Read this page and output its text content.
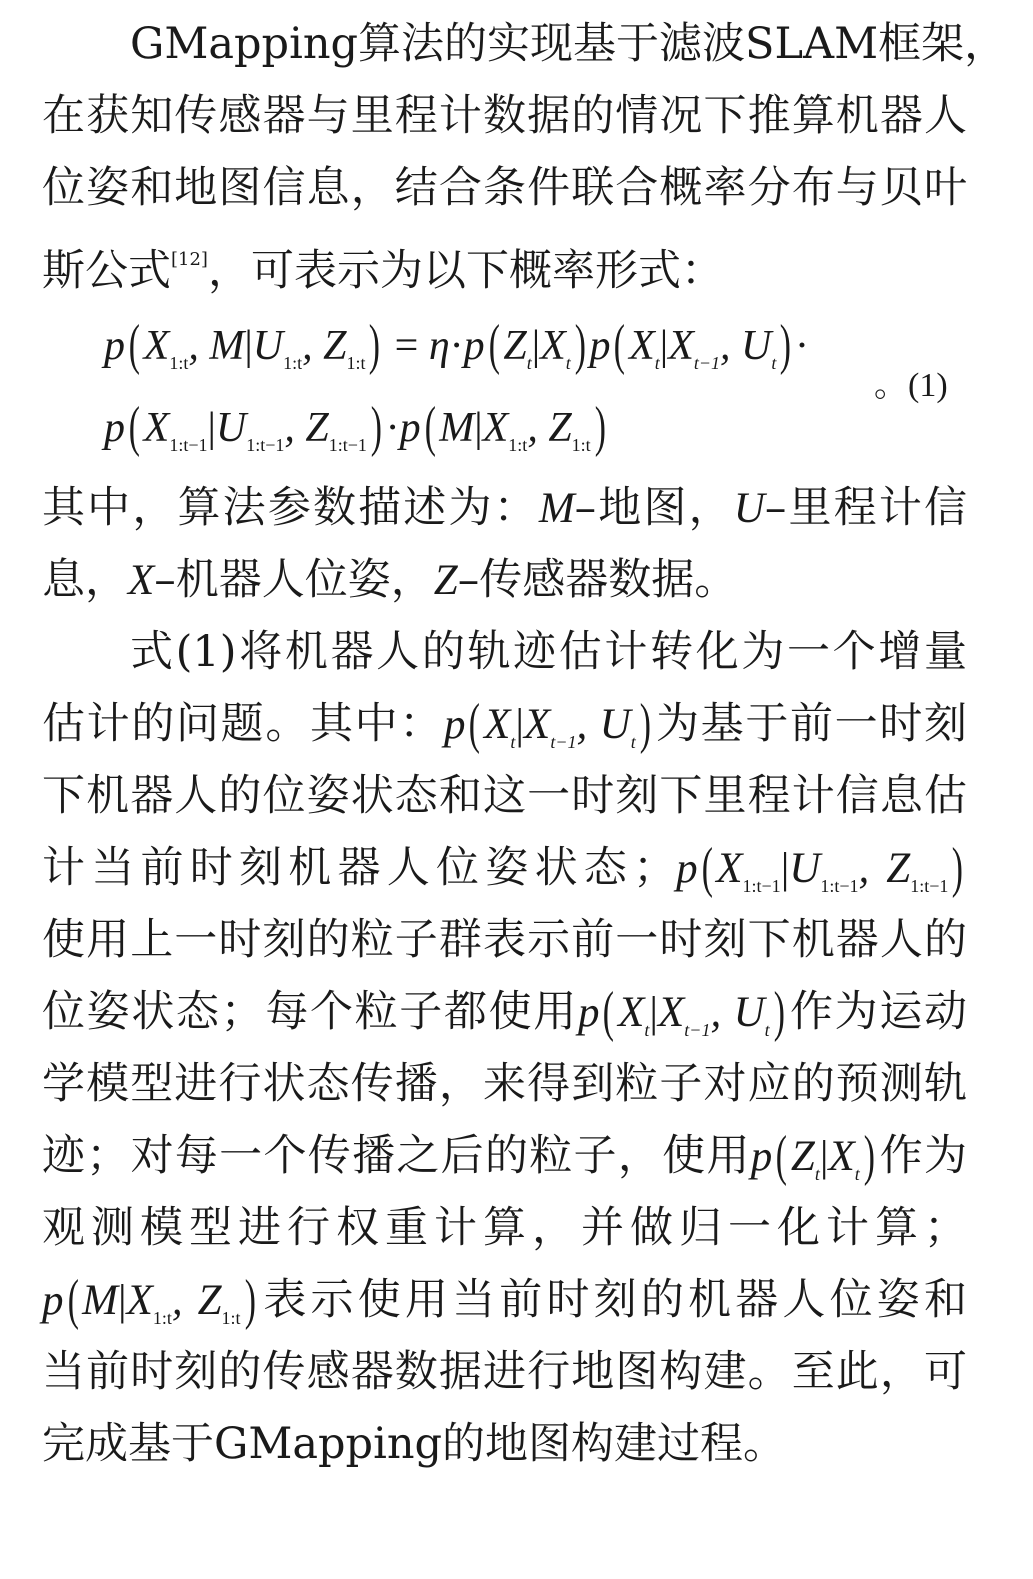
GMapping算法的实现基于滤波SLAM框架，
在获知传感器与里程计数据的情况下推算机器人
位姿和地图信息，结合条件联合概率分布与贝叶
斯公式[12]，可表示为以下概率形式：
$p(X_{1:t}$, $M|U_{1:t}$, $Z_{1:t}) = \eta\cdot p(Z_t|X_t)p(X_t|X_{t-1}$, $U_t)\cdot$
$p(X_{1:t-1}|U_{1:t-1}$, $Z_{1:t-1})\cdot p(M|X_{1:t}$, $Z_{1:t}$)
。(1)
其中，算法参数描述为：M–地图，U–里程计信
息，X–机器人位姿，Z–传感器数据。
式(1)将机器人的轨迹估计转化为一个增量
估计的问题。其中：$p(X_t|X_{t-1}$, $U_t$)为基于前一时刻
下机器人的位姿状态和这一时刻下里程计信息估
计当前时刻机器人位姿状态；$p(X_{1:t-1}|U_{1:t-1}$, $Z_{1:t-1}$)
使用上一时刻的粒子群表示前一时刻下机器人的
位姿状态；每个粒子都使用$p(X_t|X_{t-1}$, $U_t$)作为运动
学模型进行状态传播，来得到粒子对应的预测轨
迹；对每一个传播之后的粒子，使用$p(Z_t|X_t)$作为
观测模型进行权重计算，并做归一化计算；
$p(M|X_{1:t}$, $Z_{1:t}$)表示使用当前时刻的机器人位姿和
当前时刻的传感器数据进行地图构建。至此，可
完成基于GMapping的地图构建过程。
